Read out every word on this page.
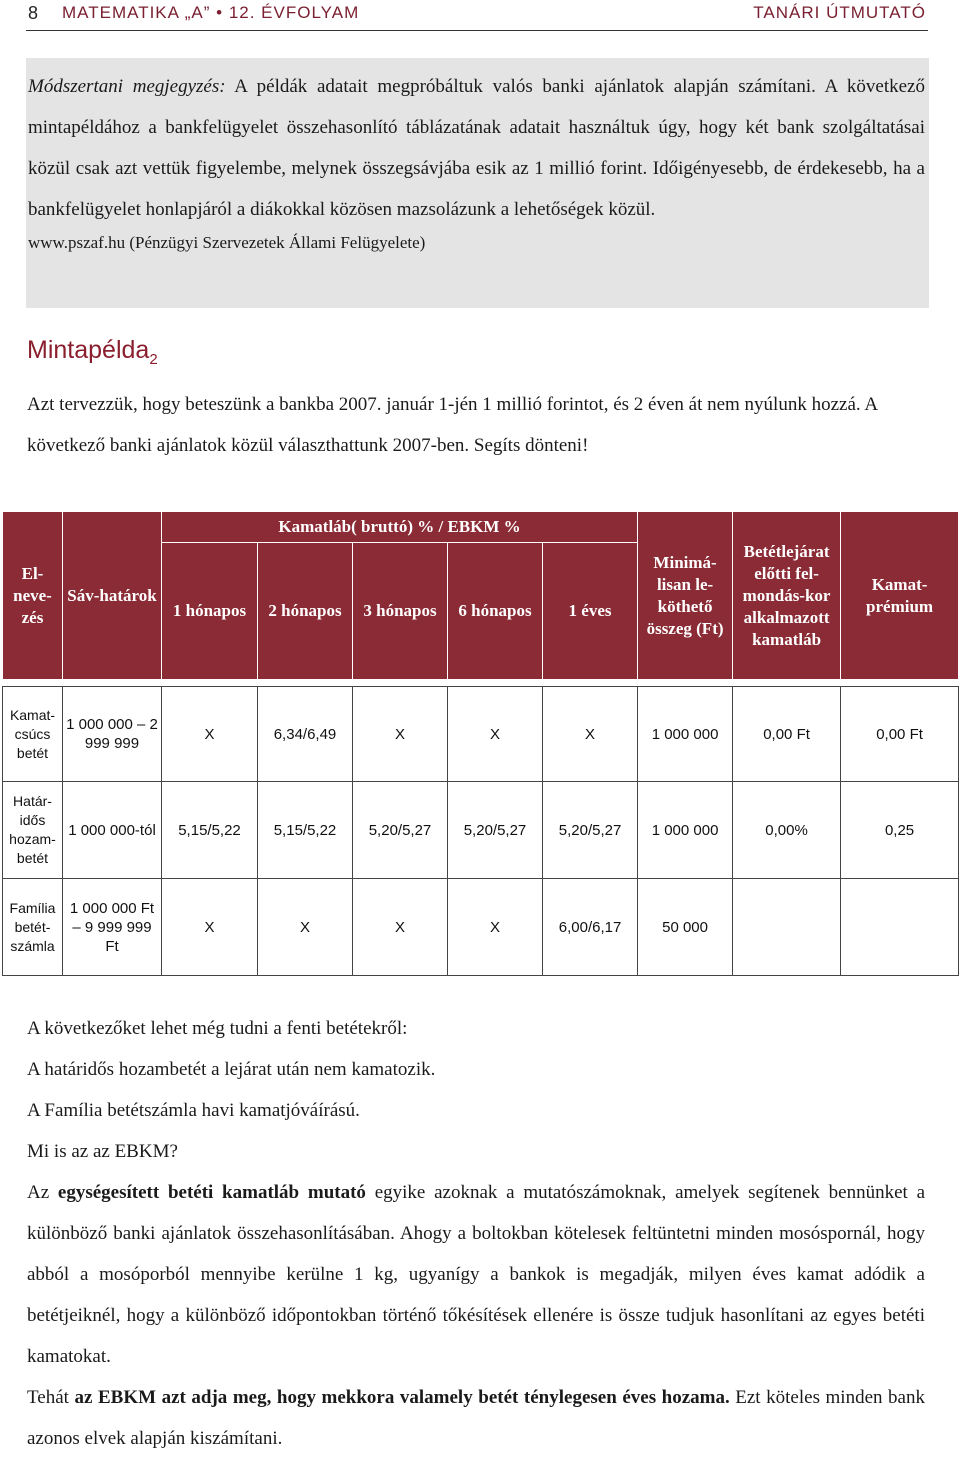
8 MATEMATIKA „A” • 12. ÉVFOLYAM	TANÁRI ÚTMUTATÓ
Módszertani megjegyzés: A példák adatait megpróbáltuk valós banki ajánlatok alapján számítani. A következő mintapéldához a bankfelügyelet összehasonlító táblázatának adatait használtuk úgy, hogy két bank szolgáltatásai közül csak azt vettük figyelembe, melynek összegsávjába esik az 1 millió forint. Időigényesebb, de érdekesebb, ha a bankfelügyelet honlapjáról a diákokkal közösen mazsolázunk a lehetőségek közül.
www.pszaf.hu (Pénzügyi Szervezetek Állami Felügyelete)
Mintapélda$_2$
Azt tervezzük, hogy beteszünk a bankba 2007. január 1-jén 1 millió forintot, és 2 éven át nem nyúlunk hozzá. A következő banki ajánlatok közül választhattunk 2007-ben. Segíts dönteni!
El-neve-zés	Sáv-határok	Kamatláb( bruttó) % / EBKM %					Minimá-lisan le-köthető összeg (Ft)	Betétlejárat előtti fel-mondás-kor alkalmazott kamatláb	Kamat-prémium
		1 hónapos	2 hónapos	3 hónapos	6 hónapos	1 éves			

Kamat-csúcs betét	1 000 000 – 2 999 999	X	6,34/6,49	X	X	X	1 000 000	0,00 Ft	0,00 Ft
Határ-idős hozam-betét	1 000 000-tól	5,15/5,22	5,15/5,22	5,20/5,27	5,20/5,27	5,20/5,27	1 000 000	0,00%	0,25
Família betét-számla	1 000 000 Ft – 9 999 999 Ft	X	X	X	X	6,00/6,17	50 000		

A következőket lehet még tudni a fenti betétekről:

A határidős hozambetét a lejárat után nem kamatozik.

A Família betétszámla havi kamatjóváírású.

Mi is az az EBKM?

Az egységesített betéti kamatláb mutató egyike azoknak a mutatószámoknak, amelyek segítenek bennünket a különböző banki ajánlatok összehasonlításában. Ahogy a boltokban kötelesek feltüntetni minden mosóspornál, hogy abból a mosóporból mennyibe kerülne 1 kg, ugyanígy a bankok is megadják, milyen éves kamat adódik a betétjeiknél, hogy a különböző időpontokban történő tőkésítések ellenére is össze tudjuk hasonlítani az egyes betéti kamatokat.

Tehát az EBKM azt adja meg, hogy mekkora valamely betét ténylegesen éves hozama. Ezt köteles minden bank azonos elvek alapján kiszámítani.
